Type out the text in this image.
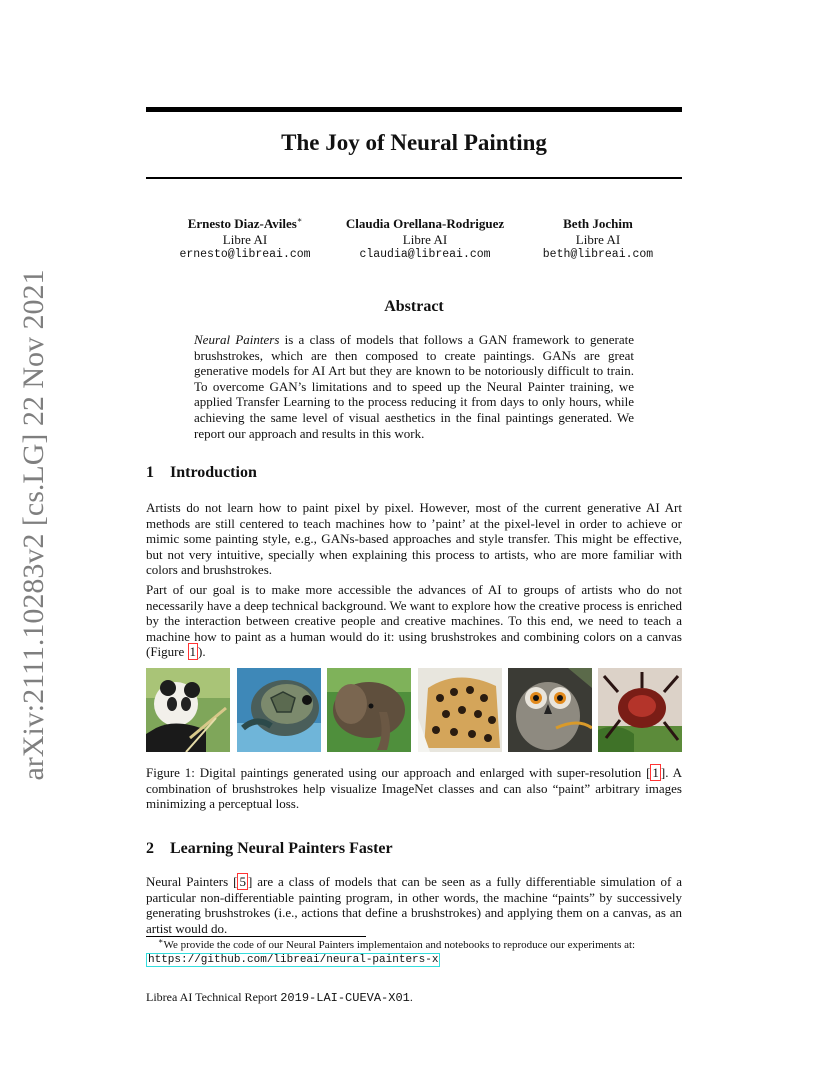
arXiv:2111.10283v2 [cs.LG] 22 Nov 2021
The Joy of Neural Painting
Ernesto Diaz-Aviles∗
Libre AI
ernesto@libreai.com
Claudia Orellana-Rodriguez
Libre AI
claudia@libreai.com
Beth Jochim
Libre AI
beth@libreai.com
Abstract
Neural Painters is a class of models that follows a GAN framework to generate brushstrokes, which are then composed to create paintings. GANs are great generative models for AI Art but they are known to be notoriously difficult to train. To overcome GAN’s limitations and to speed up the Neural Painter training, we applied Transfer Learning to the process reducing it from days to only hours, while achieving the same level of visual aesthetics in the final paintings generated. We report our approach and results in this work.
1 Introduction
Artists do not learn how to paint pixel by pixel. However, most of the current generative AI Art methods are still centered to teach machines how to ’paint’ at the pixel-level in order to achieve or mimic some painting style, e.g., GANs-based approaches and style transfer. This might be effective, but not very intuitive, specially when explaining this process to artists, who are more familiar with colors and brushstrokes.
Part of our goal is to make more accessible the advances of AI to groups of artists who do not necessarily have a deep technical background. We want to explore how the creative process is enriched by the interaction between creative people and creative machines. To this end, we need to teach a machine how to paint as a human would do it: using brushstrokes and combining colors on a canvas (Figure 1 ).
Figure 1: Digital paintings generated using our approach and enlarged with super-resolution [ 1 ]. A combination of brushstrokes help visualize ImageNet classes and can also “paint” arbitrary images minimizing a perceptual loss.
2 Learning Neural Painters Faster
Neural Painters [ 5 ] are a class of models that can be seen as a fully differentiable simulation of a particular non-differentiable painting program, in other words, the machine “paints” by successively generating brushstrokes (i.e., actions that define a brushstrokes) and applying them on a canvas, as an artist would do.
∗We provide the code of our Neural Painters implementaion and notebooks to reproduce our experiments at:
https://github.com/libreai/neural-painters-x
Librea AI Technical Report 2019-LAI-CUEVA-X01.
